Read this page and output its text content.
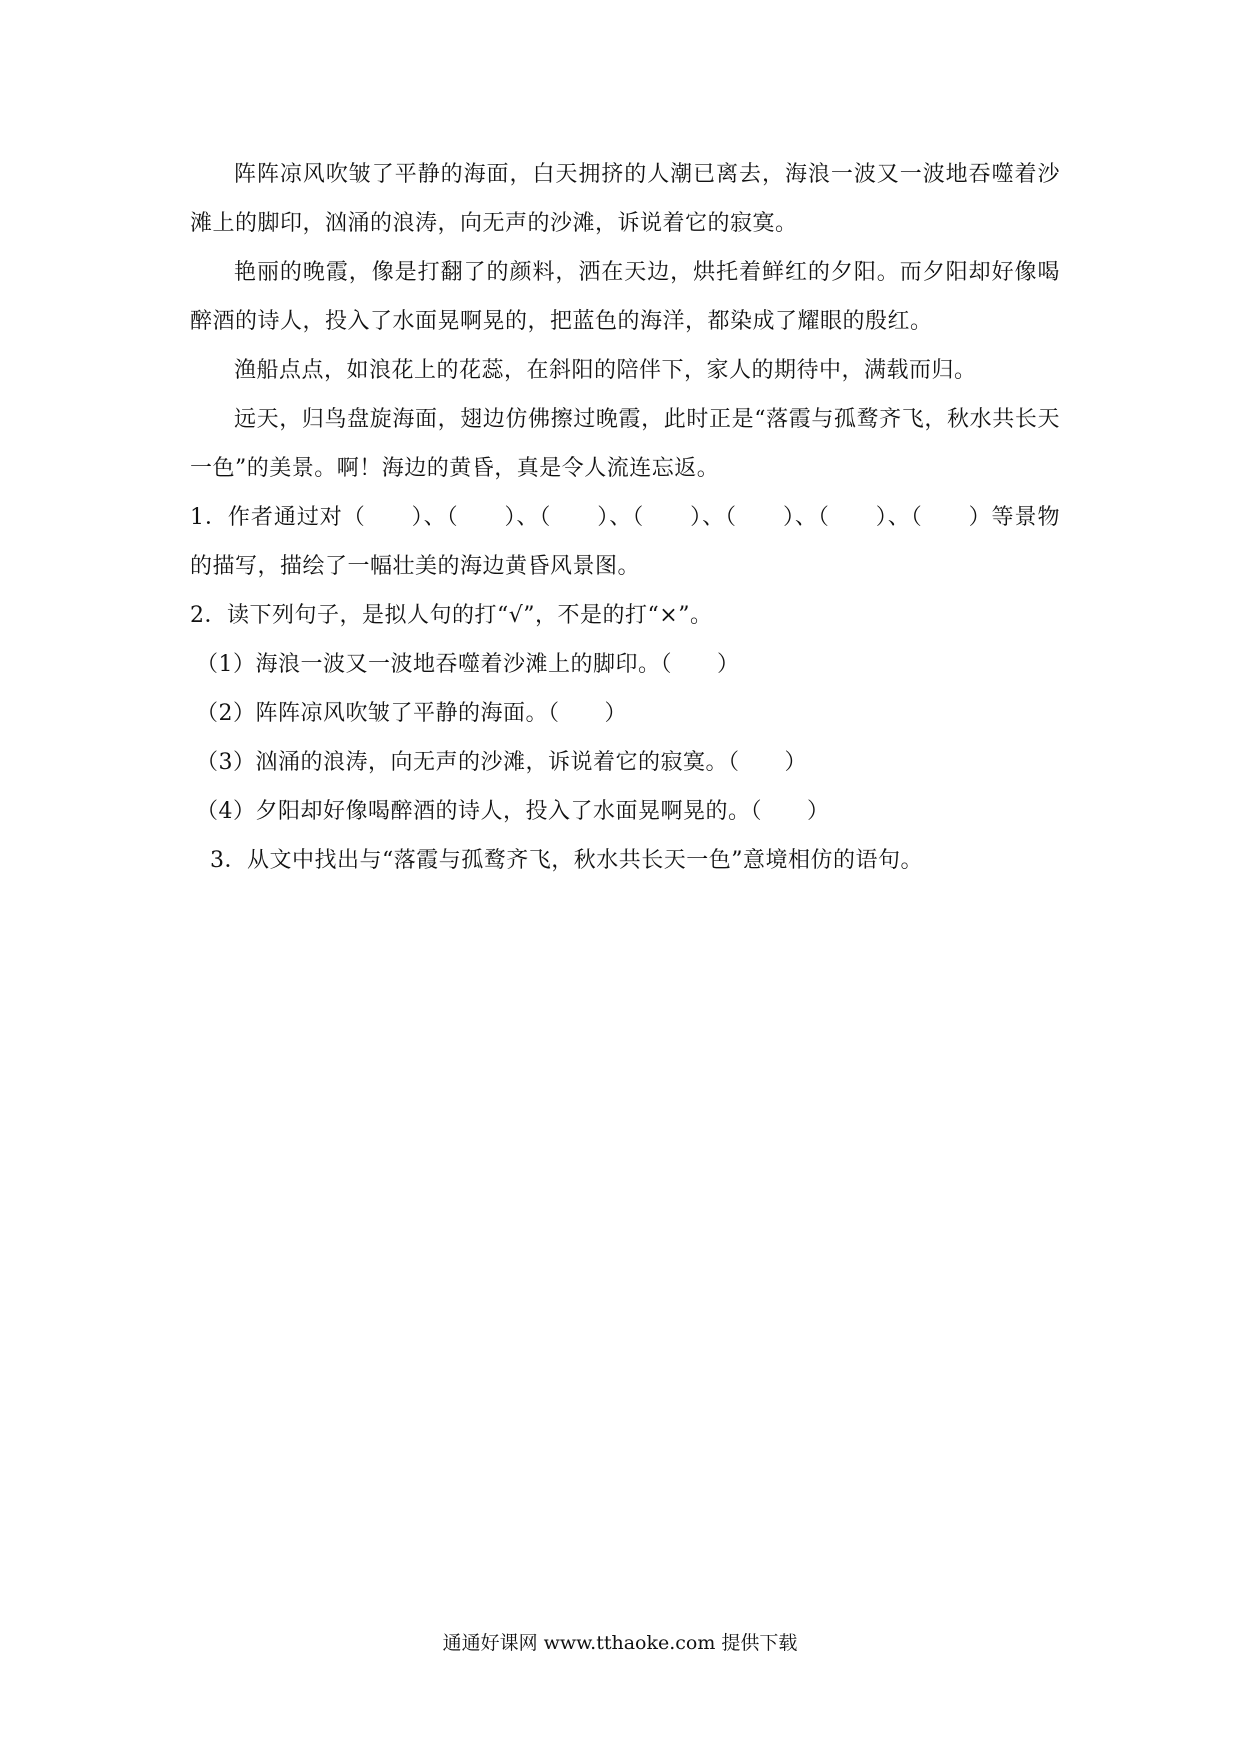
阵阵凉风吹皱了平静的海面，白天拥挤的人潮已离去，海浪一波又一波地吞噬着沙滩上的脚印，汹涌的浪涛，向无声的沙滩，诉说着它的寂寞。

艳丽的晚霞，像是打翻了的颜料，洒在天边，烘托着鲜红的夕阳。而夕阳却好像喝醉酒的诗人，投入了水面晃啊晃的，把蓝色的海洋，都染成了耀眼的殷红。

渔船点点，如浪花上的花蕊，在斜阳的陪伴下，家人的期待中，满载而归。

远天，归鸟盘旋海面，翅边仿佛擦过晚霞，此时正是“落霞与孤鹜齐飞，秋水共长天一色”的美景。啊！海边的黄昏，真是令人流连忘返。

1．作者通过对（　　）、（　　）、（　　）、（　　）、（　　）、（　　）、（　　）等景物的描写，描绘了一幅壮美的海边黄昏风景图。

2．读下列句子，是拟人句的打“√”，不是的打“×”。

（1）海浪一波又一波地吞噬着沙滩上的脚印。（　　）

（2）阵阵凉风吹皱了平静的海面。（　　）

（3）汹涌的浪涛，向无声的沙滩，诉说着它的寂寞。（　　）

（4）夕阳却好像喝醉酒的诗人，投入了水面晃啊晃的。（　　）

3．从文中找出与“落霞与孤鹜齐飞，秋水共长天一色”意境相仿的语句。

通通好课网 www.tthaoke.com 提供下载
